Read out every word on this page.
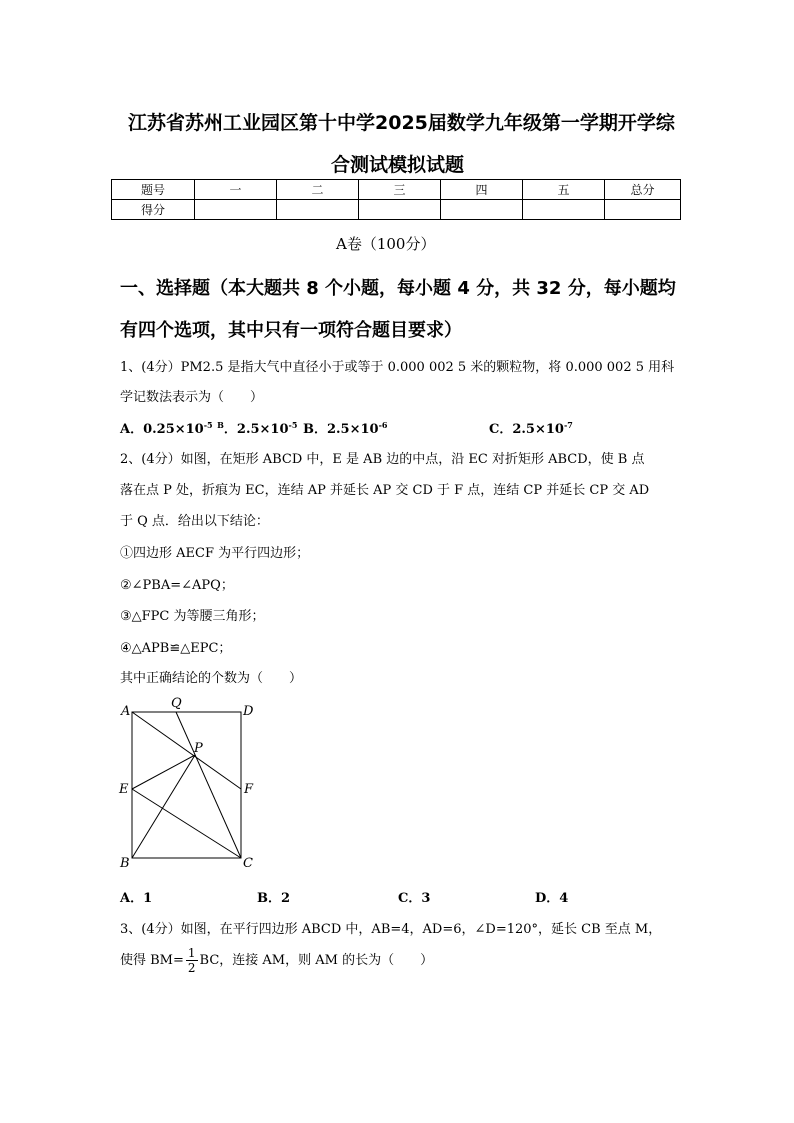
江苏省苏州工业园区第十中学2025届数学九年级第一学期开学综
合测试模拟试题
题号	一	二	三	四	五	总分
得分						
A卷（100分）
一、选择题（本大题共 8 个小题，每小题 4 分，共 32 分，每小题均
有四个选项，其中只有一项符合题目要求）
1、(4分）PM2.5 是指大气中直径小于或等于 0.000 002 5 米的颗粒物，将 0.000 002 5 用科
学记数法表示为（　　）
A．$0.25\times 10^{-5}$ $^B$．$2.5\times 10^{-5}$ B．$2.5\times 10^{-6}$	C．$2.5\times 10^{-7}$
2、(4分）如图，在矩形 ABCD 中，E 是 AB 边的中点，沿 EC 对折矩形 ABCD，使 B 点
落在点 P 处，折痕为 EC，连结 AP 并延长 AP 交 CD 于 F 点，连结 CP 并延长 CP 交 AD
于 Q 点．给出以下结论：
①四边形 AECF 为平行四边形；
②∠PBA=∠APQ；
③△FPC 为等腰三角形；
④△APB≌△EPC；
其中正确结论的个数为（　　）
A
Q
D
P
E	F
B	C
A．1	B．2	C．3	D．4
3、(4分）如图，在平行四边形 ABCD 中，AB=4，AD=6，∠D=120°，延长 CB 至点 M，
使得 $BM= \frac{1}{2}$ BC，连接 AM，则 AM 的长为（　　）
